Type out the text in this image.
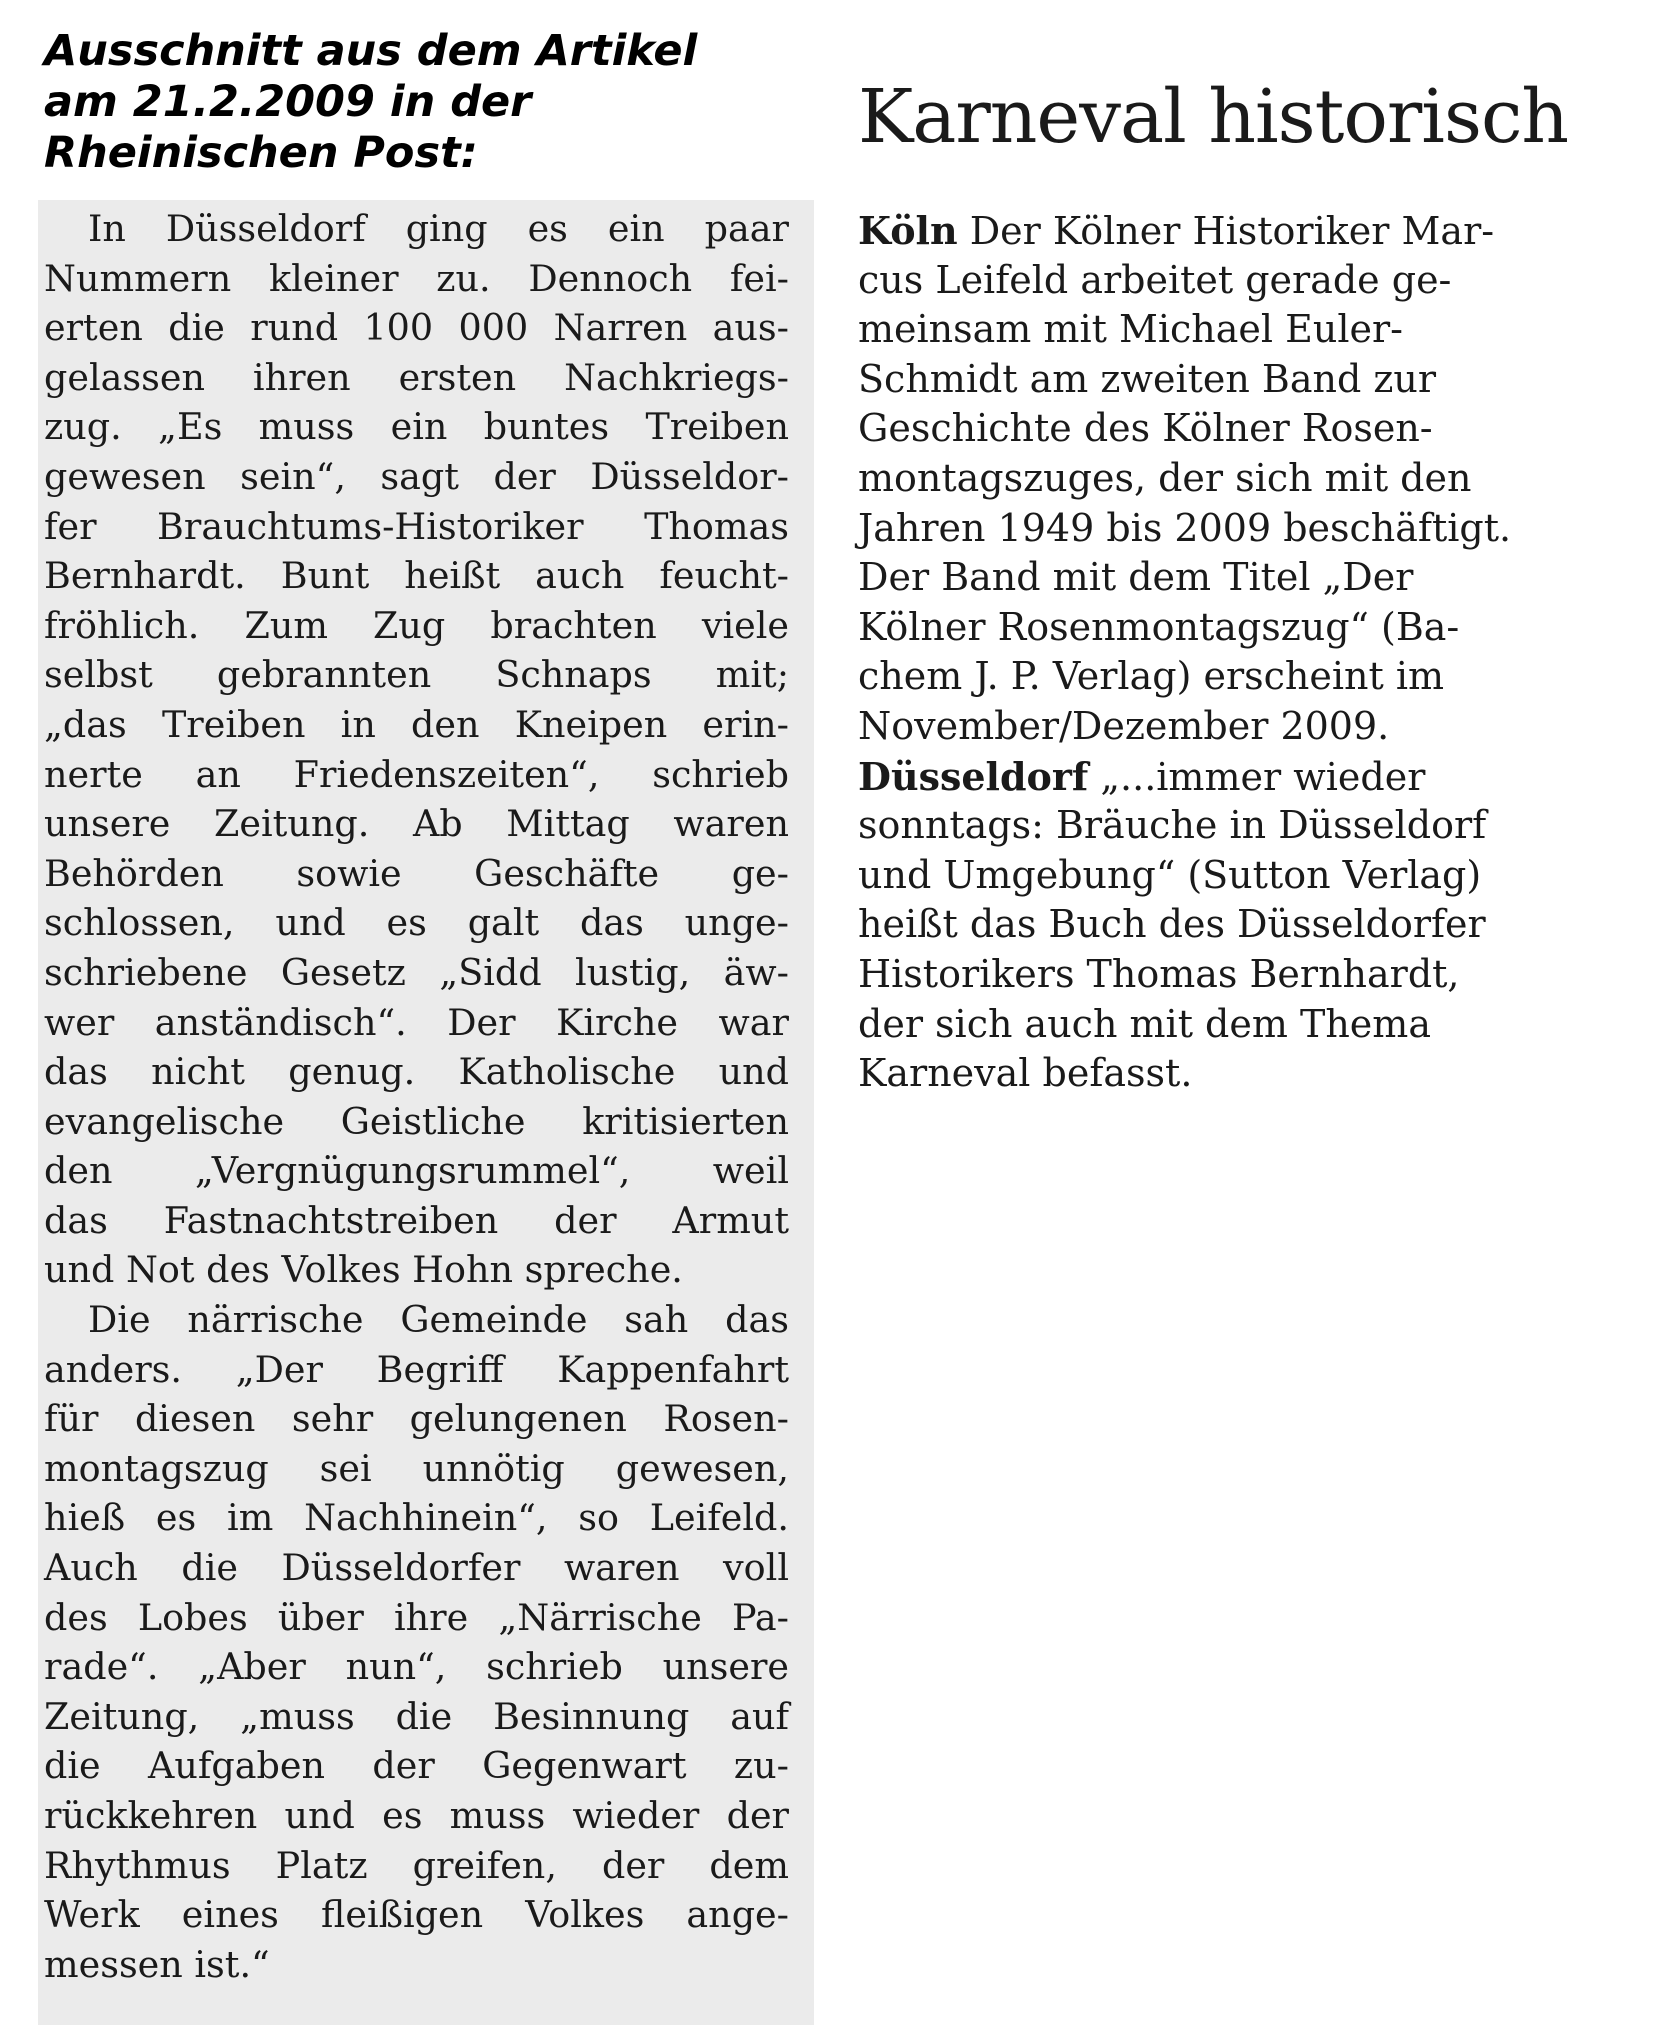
Ausschnitt aus dem Artikel
am 21.2.2009 in der
Rheinischen Post:
In Düsseldorf ging es ein paar
Nummern kleiner zu. Dennoch fei-
erten die rund 100 000 Narren aus-
gelassen ihren ersten Nachkriegs-
zug. „Es muss ein buntes Treiben
gewesen sein“, sagt der Düsseldor-
fer Brauchtums-Historiker Thomas
Bernhardt. Bunt heißt auch feucht-
fröhlich. Zum Zug brachten viele
selbst gebrannten Schnaps mit;
„das Treiben in den Kneipen erin-
nerte an Friedenszeiten“, schrieb
unsere Zeitung. Ab Mittag waren
Behörden sowie Geschäfte ge-
schlossen, und es galt das unge-
schriebene Gesetz „Sidd lustig, äw-
wer anständisch“. Der Kirche war
das nicht genug. Katholische und
evangelische Geistliche kritisierten
den „Vergnügungsrummel“, weil
das Fastnachtstreiben der Armut
und Not des Volkes Hohn spreche.
Die närrische Gemeinde sah das
anders. „Der Begriff Kappenfahrt
für diesen sehr gelungenen Rosen-
montagszug sei unnötig gewesen,
hieß es im Nachhinein“, so Leifeld.
Auch die Düsseldorfer waren voll
des Lobes über ihre „Närrische Pa-
rade“. „Aber nun“, schrieb unsere
Zeitung, „muss die Besinnung auf
die Aufgaben der Gegenwart zu-
rückkehren und es muss wieder der
Rhythmus Platz greifen, der dem
Werk eines fleißigen Volkes ange-
messen ist.“
Karneval historisch
Köln Der Kölner Historiker Mar-
cus Leifeld arbeitet gerade ge-
meinsam mit Michael Euler-
Schmidt am zweiten Band zur
Geschichte des Kölner Rosen-
montagszuges, der sich mit den
Jahren 1949 bis 2009 beschäftigt.
Der Band mit dem Titel „Der
Kölner Rosenmontagszug“ (Ba-
chem J. P. Verlag) erscheint im
November/Dezember 2009.
Düsseldorf „...immer wieder
sonntags: Bräuche in Düsseldorf
und Umgebung“ (Sutton Verlag)
heißt das Buch des Düsseldorfer
Historikers Thomas Bernhardt,
der sich auch mit dem Thema
Karneval befasst.
